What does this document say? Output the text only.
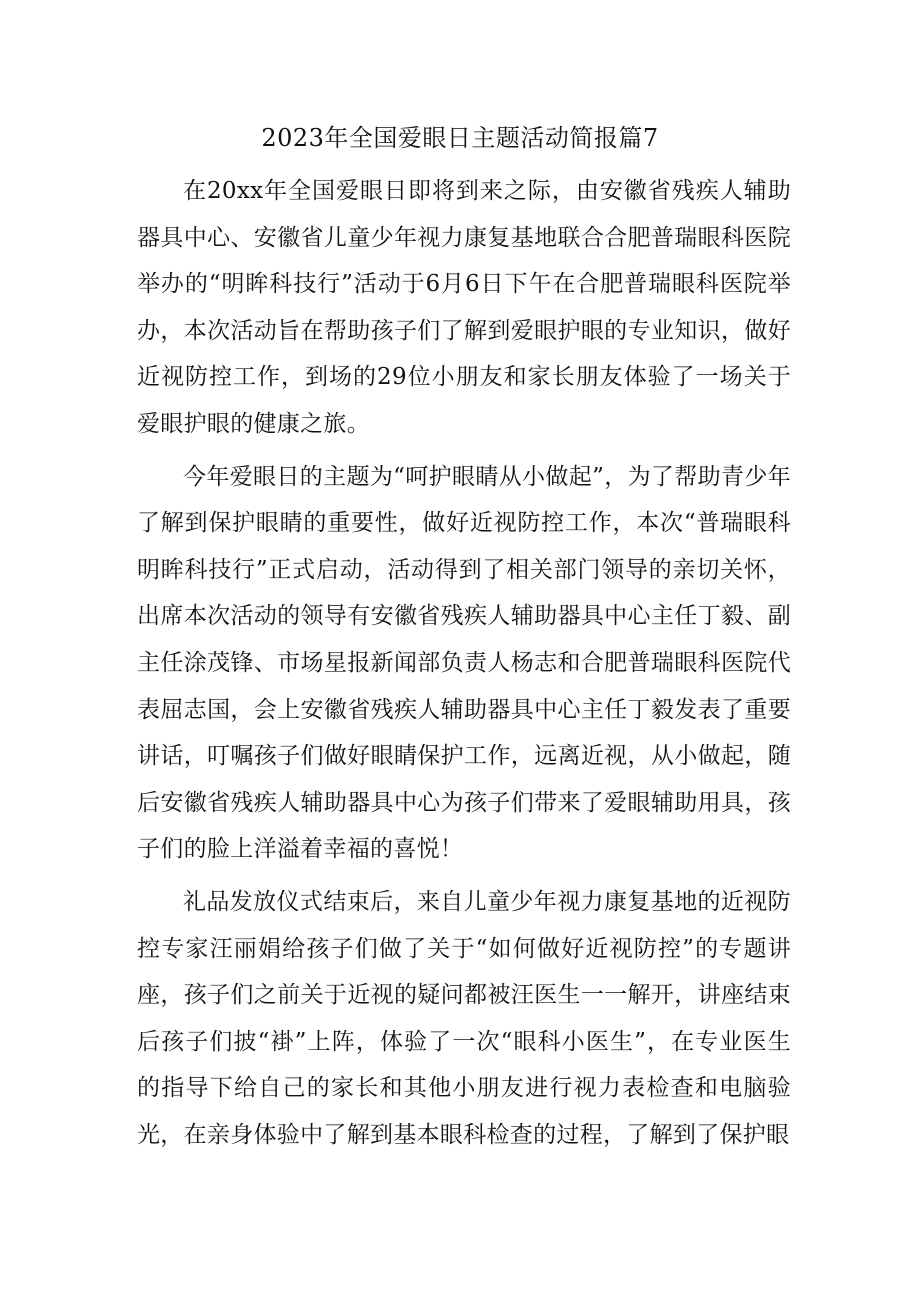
2023年全国爱眼日主题活动简报篇7

在20xx年全国爱眼日即将到来之际，由安徽省残疾人辅助器具中心、安徽省儿童少年视力康复基地联合合肥普瑞眼科医院举办的“明眸科技行”活动于6月6日下午在合肥普瑞眼科医院举办，本次活动旨在帮助孩子们了解到爱眼护眼的专业知识，做好近视防控工作，到场的29位小朋友和家长朋友体验了一场关于爱眼护眼的健康之旅。

今年爱眼日的主题为“呵护眼睛从小做起”，为了帮助青少年了解到保护眼睛的重要性，做好近视防控工作，本次“普瑞眼科明眸科技行”正式启动，活动得到了相关部门领导的亲切关怀，出席本次活动的领导有安徽省残疾人辅助器具中心主任丁毅、副主任涂茂锋、市场星报新闻部负责人杨志和合肥普瑞眼科医院代表屈志国，会上安徽省残疾人辅助器具中心主任丁毅发表了重要讲话，叮嘱孩子们做好眼睛保护工作，远离近视，从小做起，随后安徽省残疾人辅助器具中心为孩子们带来了爱眼辅助用具，孩子们的脸上洋溢着幸福的喜悦！

礼品发放仪式结束后，来自儿童少年视力康复基地的近视防控专家汪丽娟给孩子们做了关于“如何做好近视防控”的专题讲座，孩子们之前关于近视的疑问都被汪医生一一解开，讲座结束后孩子们披“褂”上阵，体验了一次“眼科小医生”，在专业医生的指导下给自己的家长和其他小朋友进行视力表检查和电脑验光，在亲身体验中了解到基本眼科检查的过程，了解到了保护眼
